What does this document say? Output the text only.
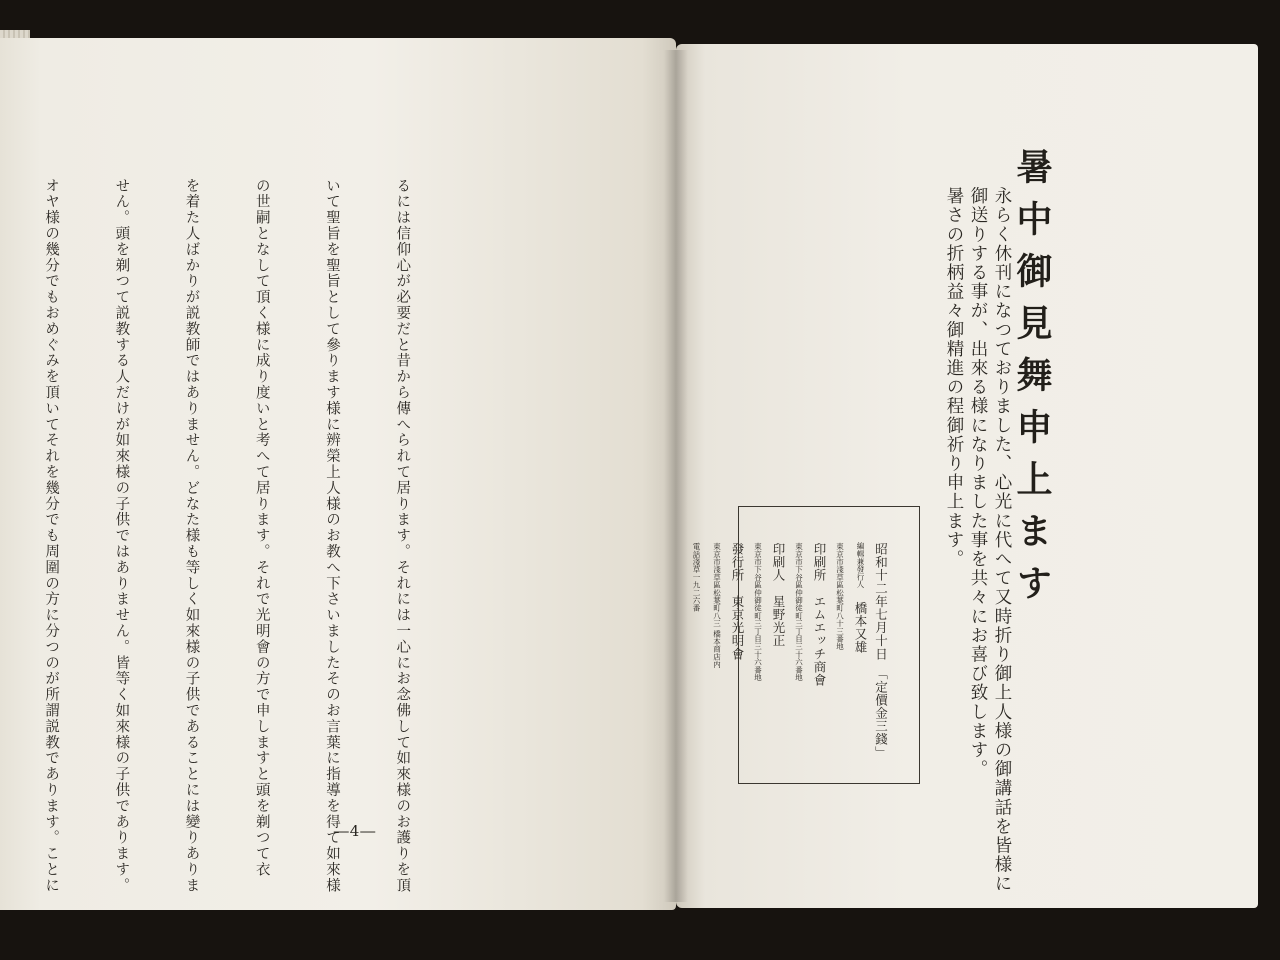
るには信仰心が必要だと昔から傳へられて居ります。それには一心にお念佛して如來様のお護りを頂

いて聖旨を聖旨として參ります様に辨榮上人様のお教へ下さいましたそのお言葉に指導を得て如來様

の世嗣となして頂く様に成り度いと考へて居ります。それで光明會の方で申しますと頭を剃つて衣

を着た人ばかりが説教師ではありません。どなた様も等しく如來様の子供であることには變りありま

せん。頭を剃つて説教する人だけが如來様の子供ではありません。皆等く如來様の子供であります。

オヤ様の幾分でもおめぐみを頂いてそれを幾分でも周圍の方に分つのが所謂説教であります。ことに

	―4―
暑中御見舞申上ます

永らく休刊になつておりました、心光に代へて又時折り御上人様の御講話を皆様に
御送りする事が、出來る様になりました事を共々にお喜び致します。
暑さの折柄益々御精進の程御祈り申上ます。

昭和十二年七月十日　「定價金三錢」
編輯兼發行人　橋本又雄
東京市淺草區松葉町八十三番地
印刷所　エムエッチ商會
東京市下谷區仲御徒町三丁目三十六番地
印刷人　星野光正
東京市下谷區仲御徒町三丁目三十六番地
發行所　東京光明會
東京市淺草區松葉町八三 橋本商店内
電話淺草一九二六番
